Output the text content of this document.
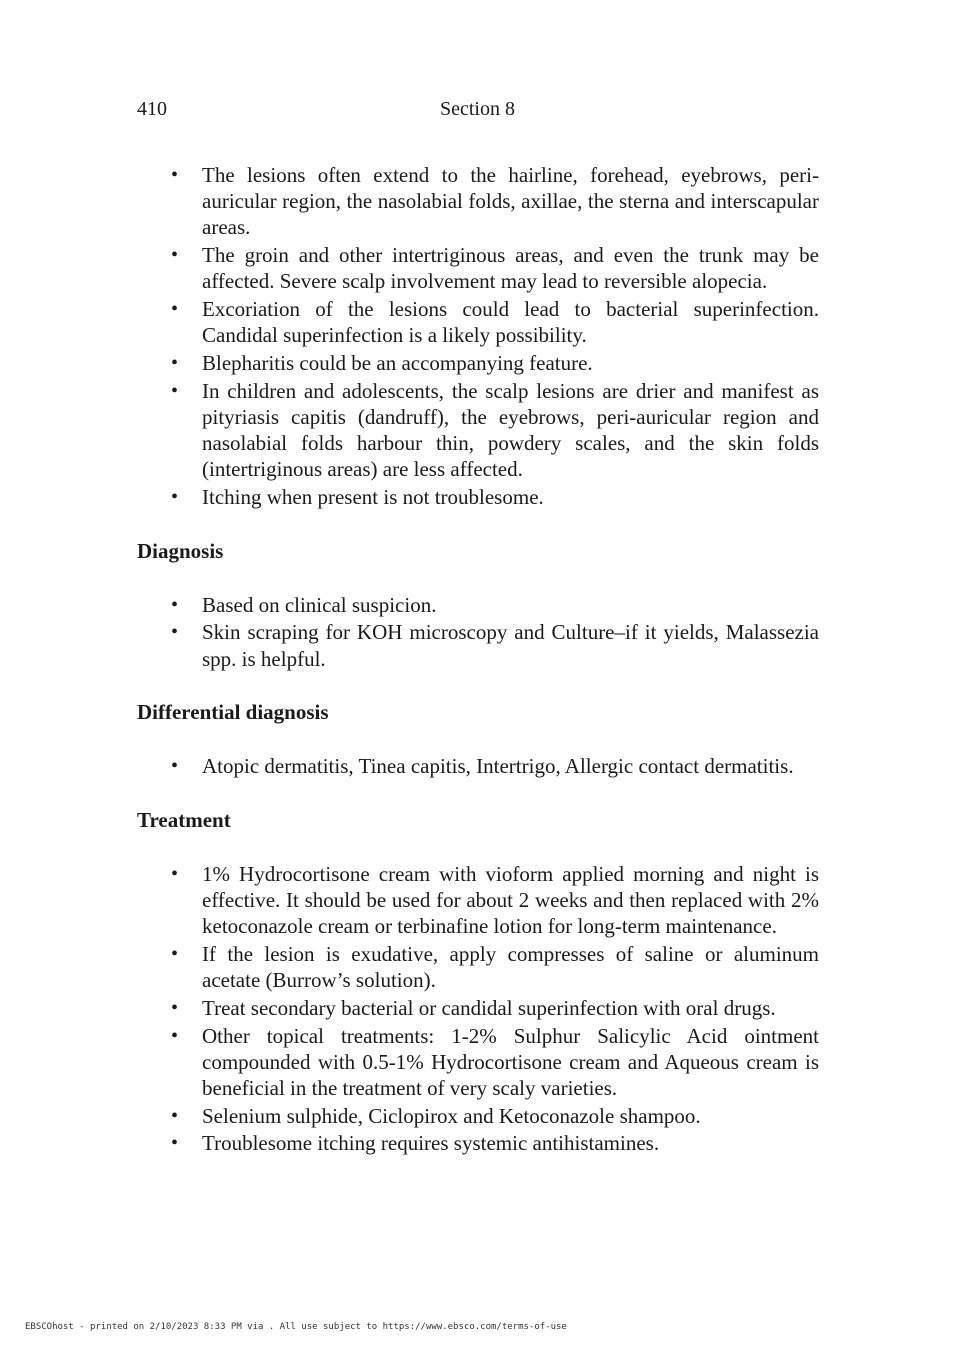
410	Section 8
• The lesions often extend to the hairline, forehead, eyebrows, peri-auricular region, the nasolabial folds, axillae, the sterna and interscapular areas.
• The groin and other intertriginous areas, and even the trunk may be affected. Severe scalp involvement may lead to reversible alopecia.
• Excoriation of the lesions could lead to bacterial superinfection. Candidal superinfection is a likely possibility.
• Blepharitis could be an accompanying feature.
• In children and adolescents, the scalp lesions are drier and manifest as pityriasis capitis (dandruff), the eyebrows, peri-auricular region and nasolabial folds harbour thin, powdery scales, and the skin folds (intertriginous areas) are less affected.
• Itching when present is not troublesome.
Diagnosis
• Based on clinical suspicion.
• Skin scraping for KOH microscopy and Culture–if it yields, Malassezia spp. is helpful.
Differential diagnosis
• Atopic dermatitis, Tinea capitis, Intertrigo, Allergic contact dermatitis.
Treatment
• 1% Hydrocortisone cream with vioform applied morning and night is effective. It should be used for about 2 weeks and then replaced with 2% ketoconazole cream or terbinafine lotion for long-term maintenance.
• If the lesion is exudative, apply compresses of saline or aluminum acetate (Burrow’s solution).
• Treat secondary bacterial or candidal superinfection with oral drugs.
• Other topical treatments: 1-2% Sulphur Salicylic Acid ointment compounded with 0.5-1% Hydrocortisone cream and Aqueous cream is beneficial in the treatment of very scaly varieties.
• Selenium sulphide, Ciclopirox and Ketoconazole shampoo.
• Troublesome itching requires systemic antihistamines.
EBSCOhost - printed on 2/10/2023 8:33 PM via . All use subject to https://www.ebsco.com/terms-of-use
